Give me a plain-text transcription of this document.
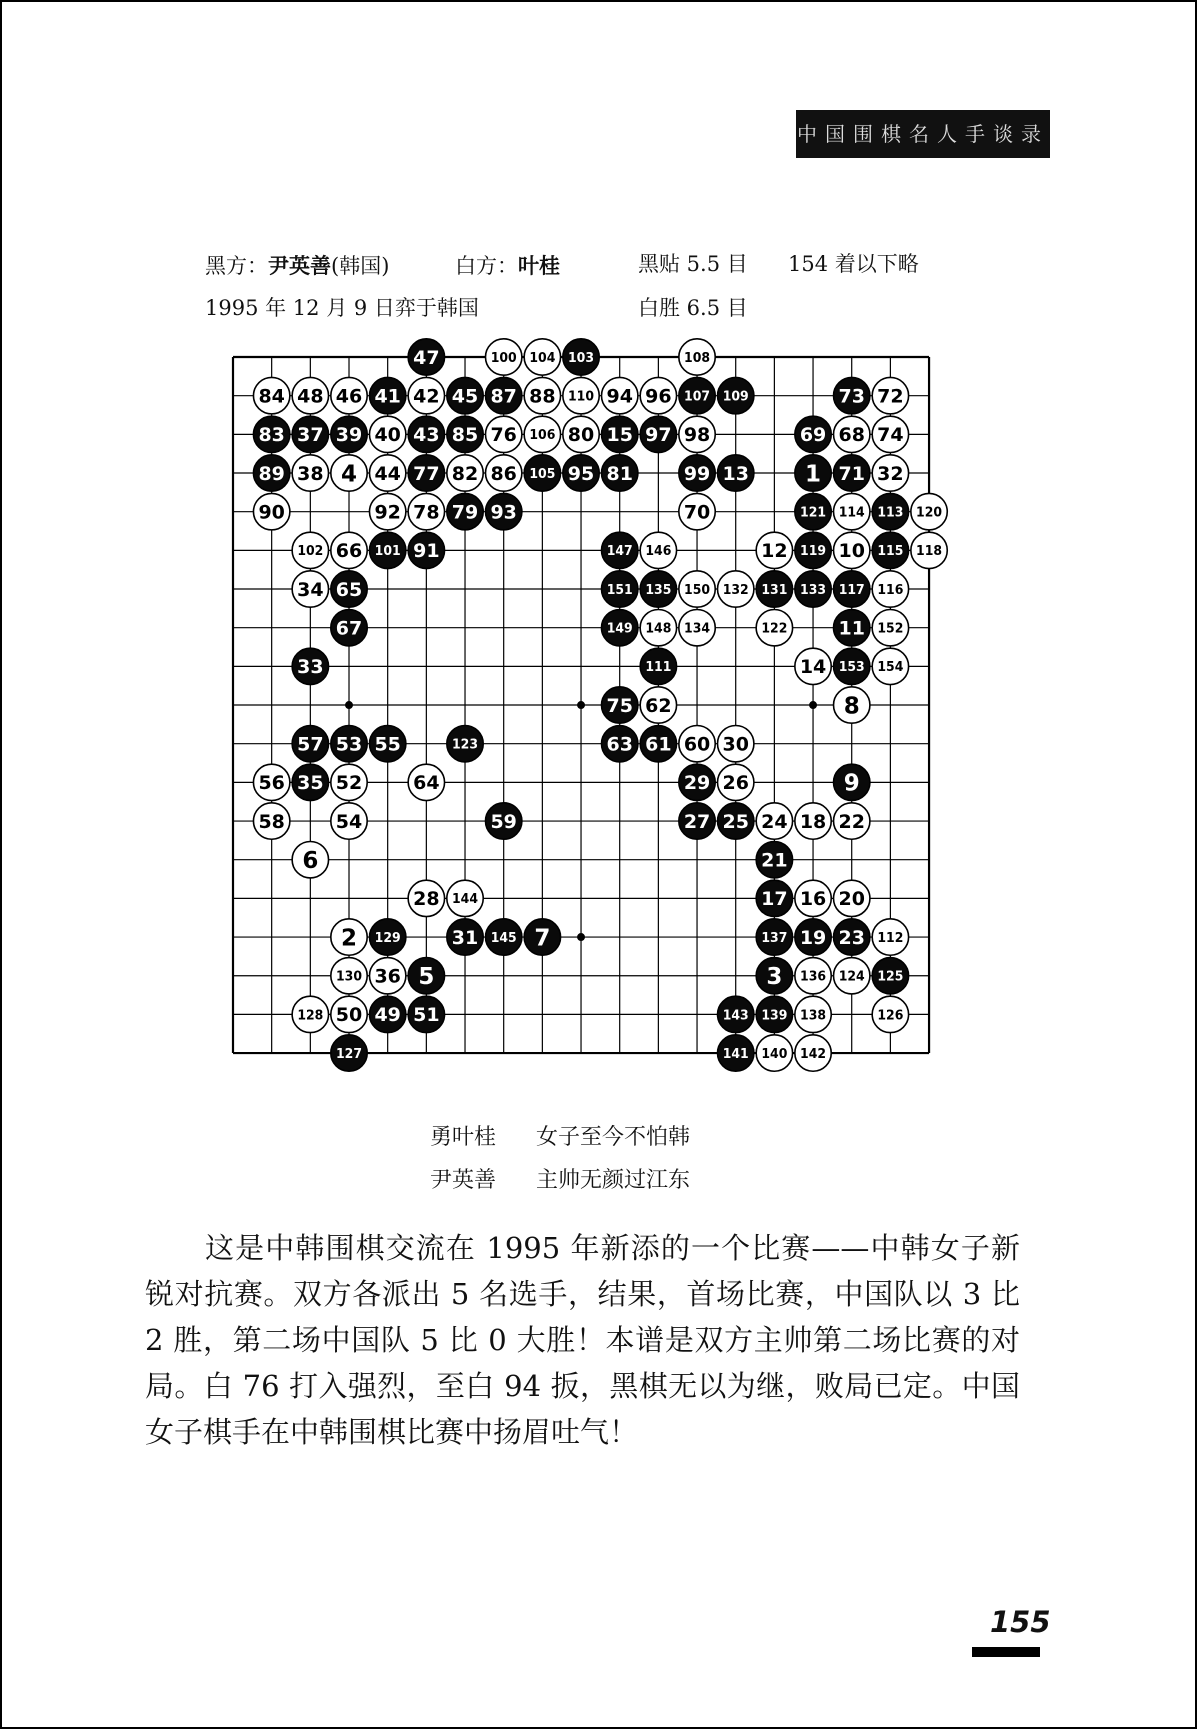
中国围棋名人手谈录
黑方：尹英善(韩国)	白方：叶桂	黑贴 5.5 目 154 着以下略
1995 年 12 月 9 日弈于韩国	白胜 6.5 目
47	100 104 103	108
84 48 46 41 42 45 87 88 110 94 96 107 109	73 72
83 37 39 40 43 85 76 106 80 15 97 98	69 68 74
89 38 4 44 77 82 86 105 95 81	99 13 1 71 32
90	92 78 79 93	70	121 114 113 120
102 66 101 91	147 146	12 119 10 115 118
34 65	151 135 150 132 131 133 117 116
67	149 148 134	122	11 152
33	111	14 153 154
75 62	8
57 53 55	123	63 61 60 30
56 35 52	64	29 26	9
58	54	59	27 25 24 18 22
6	21
28 144	17 16 20
2 129	31 145 7	137 19 23 112
130 36 5	3 136 124 125
128 50 49 51	143 139 138	126
127	141 140 142
勇叶桂 女子至今不怕韩
尹英善 主帅无颜过江东

这是中韩围棋交流在 1995 年新添的一个比赛——中韩女子新锐对抗赛。双方各派出 5 名选手，结果，首场比赛，中国队以 3 比 2 胜，第二场中国队 5 比 0 大胜！本谱是双方主帅第二场比赛的对局。白 76 打入强烈，至白 94 扳，黑棋无以为继，败局已定。中国女子棋手在中韩围棋比赛中扬眉吐气！

155
